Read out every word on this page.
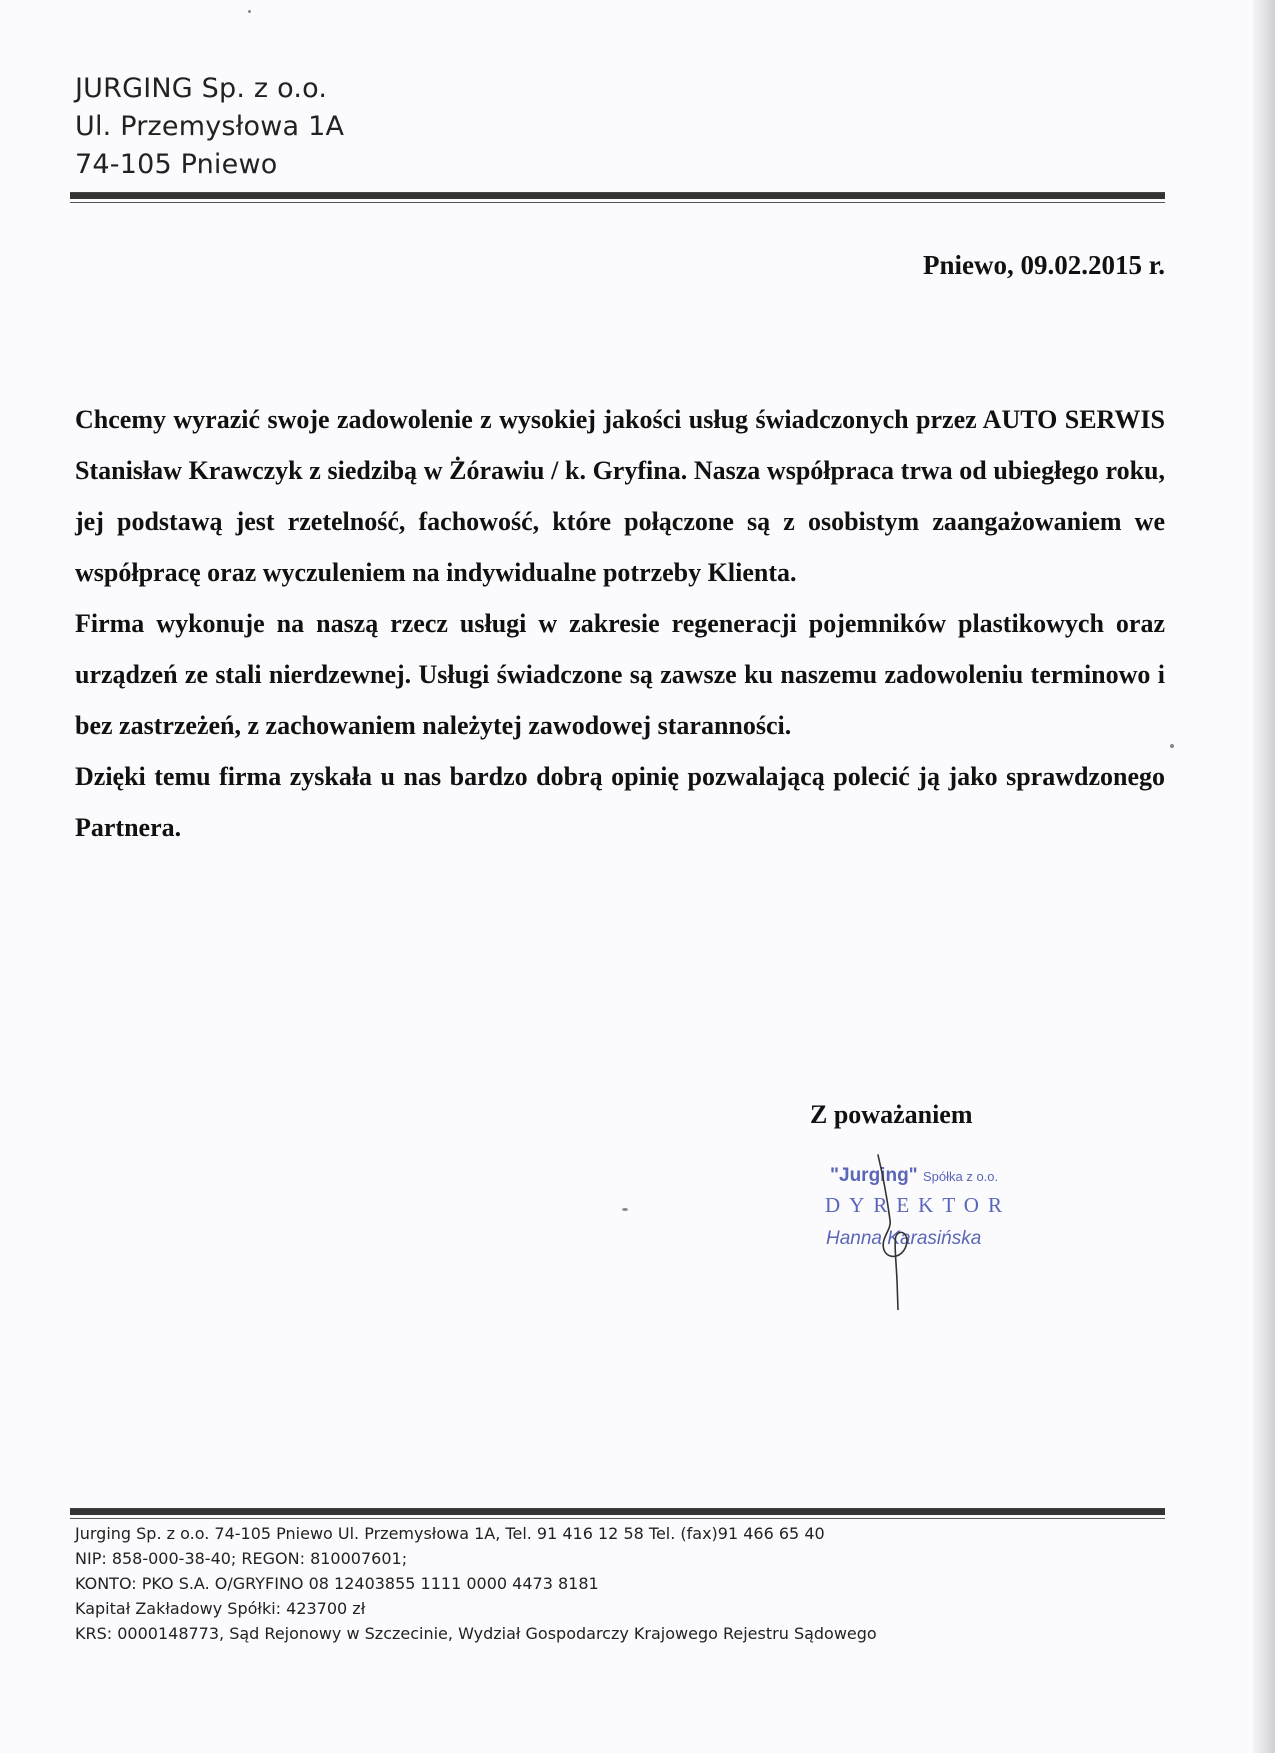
JURGING Sp. z o.o.
Ul. Przemysłowa 1A
74-105 Pniewo
Pniewo, 09.02.2015 r.

Chcemy wyrazić swoje zadowolenie z wysokiej jakości usług świadczonych przez AUTO SERWIS Stanisław Krawczyk z siedzibą w Żórawiu / k. Gryfina. Nasza współpraca trwa od ubiegłego roku, jej podstawą jest rzetelność, fachowość, które połączone są z osobistym zaangażowaniem we współpracę oraz wyczuleniem na indywidualne potrzeby Klienta.

Firma wykonuje na naszą rzecz usługi w zakresie regeneracji pojemników plastikowych oraz urządzeń ze stali nierdzewnej. Usługi świadczone są zawsze ku naszemu zadowoleniu terminowo i bez zastrzeżeń, z zachowaniem należytej zawodowej staranności.

Dzięki temu firma zyskała u nas bardzo dobrą opinię pozwalającą polecić ją jako sprawdzonego Partnera.

Z poważaniem
"Jurging" Spółka z o.o.
DYREKTOR
Hanna Karasińska
Jurging Sp. z o.o. 74-105 Pniewo Ul. Przemysłowa 1A, Tel. 91 416 12 58 Tel. (fax)91 466 65 40
NIP: 858-000-38-40; REGON: 810007601;
KONTO: PKO S.A. O/GRYFINO 08 12403855 1111 0000 4473 8181
Kapitał Zakładowy Spółki: 423700 zł
KRS: 0000148773, Sąd Rejonowy w Szczecinie, Wydział Gospodarczy Krajowego Rejestru Sądowego
